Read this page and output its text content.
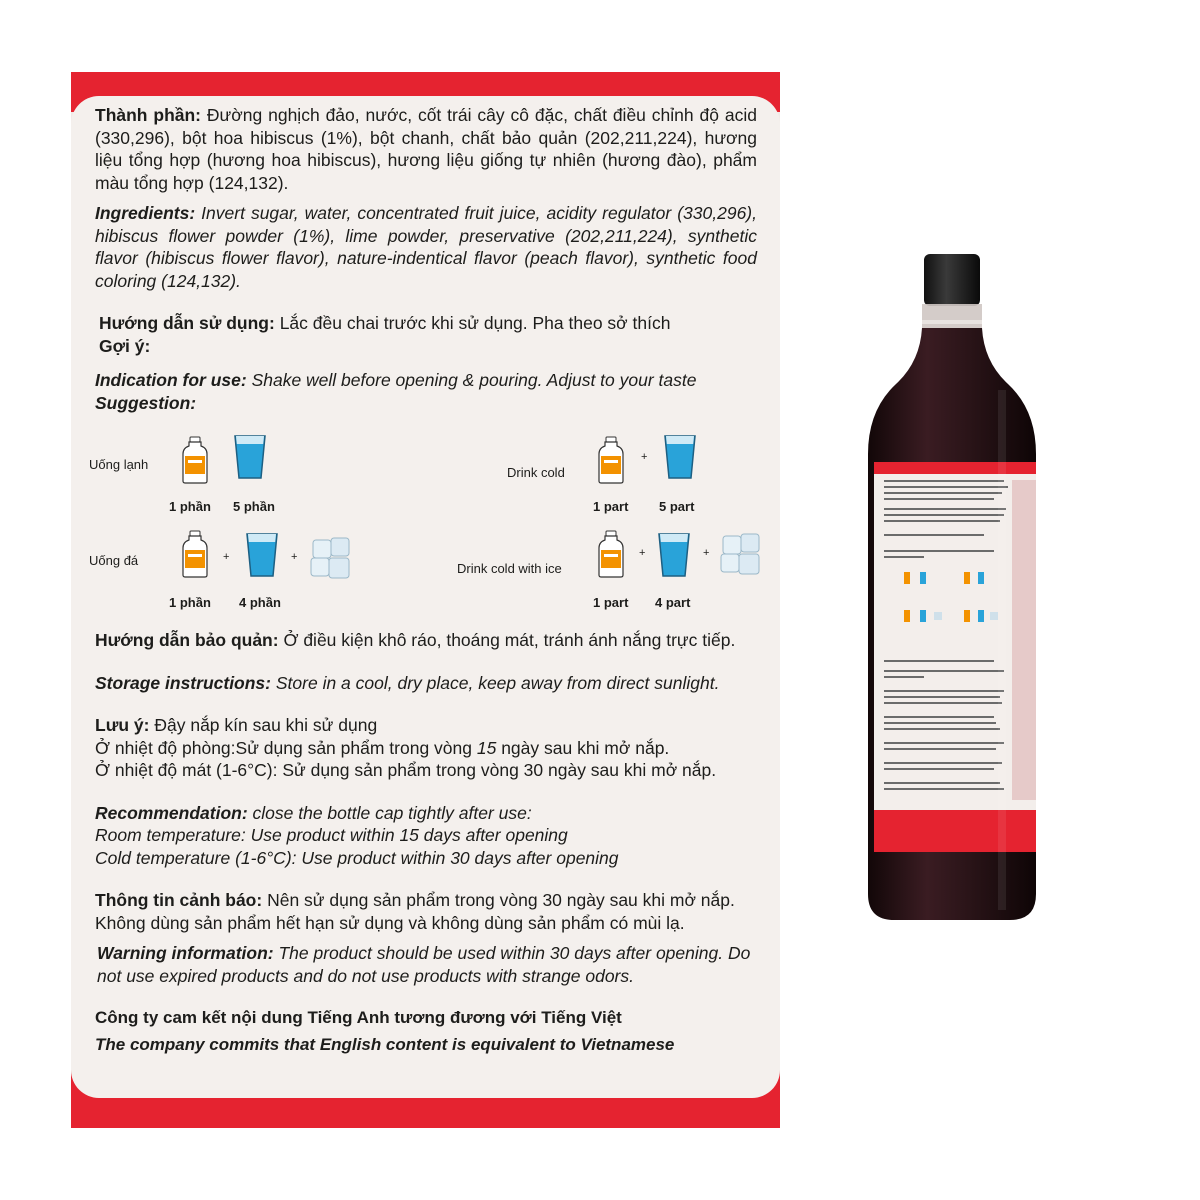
Thành phần: Đường nghịch đảo, nước, cốt trái cây cô đặc, chất điều chỉnh độ acid (330,296), bột hoa hibiscus (1%), bột chanh, chất bảo quản (202,211,224), hương liệu tổng hợp (hương hoa hibiscus), hương liệu giống tự nhiên (hương đào), phẩm màu tổng hợp (124,132).

Ingredients: Invert sugar, water, concentrated fruit juice, acidity regulator (330,296), hibiscus flower powder (1%), lime powder, preservative (202,211,224), synthetic flavor (hibiscus flower flavor), nature-indentical flavor (peach flavor), synthetic food coloring (124,132).

Hướng dẫn sử dụng: Lắc đều chai trước khi sử dụng. Pha theo sở thích
Gợi ý:

Indication for use: Shake well before opening & pouring. Adjust to your taste
Suggestion:

Uống lạnh
1 phần 5 phần
Uống đá	+	+
1 phần 4 phần
Drink cold
+
1 part 5 part
Drink cold with ice
+	+
1 part 4 part

Hướng dẫn bảo quản: Ở điều kiện khô ráo, thoáng mát, tránh ánh nắng trực tiếp.

Storage instructions: Store in a cool, dry place, keep away from direct sunlight.

Lưu ý: Đậy nắp kín sau khi sử dụng
Ở nhiệt độ phòng:Sử dụng sản phẩm trong vòng 15 ngày sau khi mở nắp.
Ở nhiệt độ mát (1-6°C): Sử dụng sản phẩm trong vòng 30 ngày sau khi mở nắp.

Recommendation: close the bottle cap tightly after use:
Room temperature: Use product within 15 days after opening
Cold temperature (1-6°C): Use product within 30 days after opening

Thông tin cảnh báo: Nên sử dụng sản phẩm trong vòng 30 ngày sau khi mở nắp. Không dùng sản phẩm hết hạn sử dụng và không dùng sản phẩm có mùi lạ.

Warning information: The product should be used within 30 days after opening. Do not use expired products and do not use products with strange odors.

Công ty cam kết nội dung Tiếng Anh tương đương với Tiếng Việt

The company commits that English content is equivalent to Vietnamese
